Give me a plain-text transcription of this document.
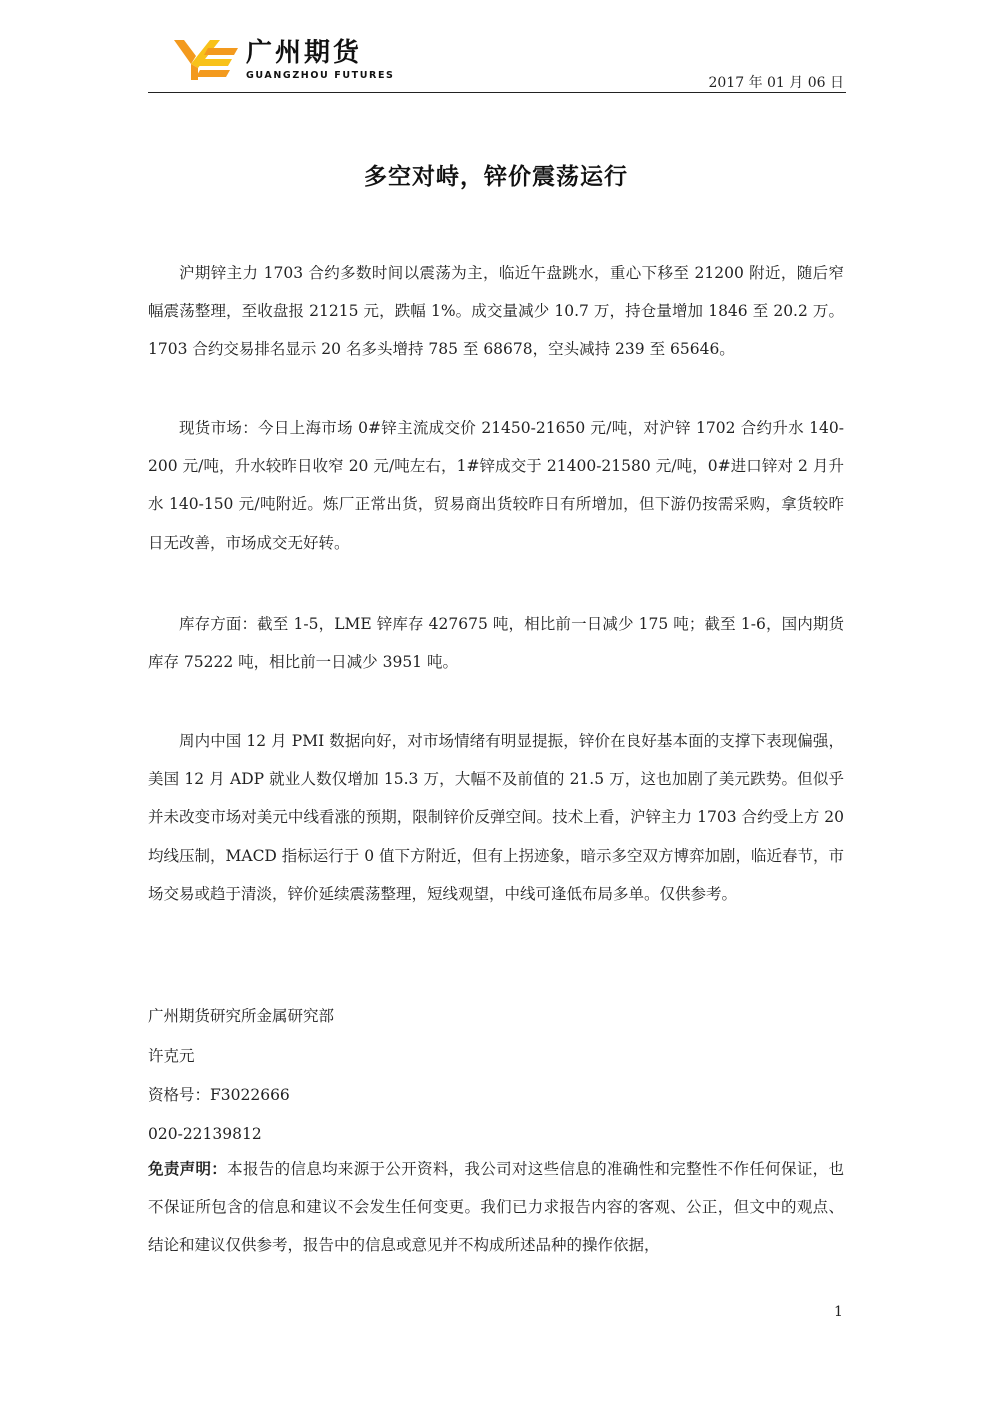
广州期货
GUANGZHOU FUTURES	2017 年 01 月 06 日
多空对峙，锌价震荡运行

沪期锌主力 1703 合约多数时间以震荡为主，临近午盘跳水，重心下移至 21200 附近，随后窄幅震荡整理，至收盘报 21215 元，跌幅 1%。成交量减少 10.7 万，持仓量增加 1846 至 20.2 万。1703 合约交易排名显示 20 名多头增持 785 至 68678，空头减持 239 至 65646。

现货市场：今日上海市场 0#锌主流成交价 21450-21650 元/吨，对沪锌 1702 合约升水 140-200 元/吨，升水较昨日收窄 20 元/吨左右，1#锌成交于 21400-21580 元/吨，0#进口锌对 2 月升水 140-150 元/吨附近。炼厂正常出货，贸易商出货较昨日有所增加，但下游仍按需采购，拿货较昨日无改善，市场成交无好转。

库存方面：截至 1-5，LME 锌库存 427675 吨，相比前一日减少 175 吨；截至 1-6，国内期货库存 75222 吨，相比前一日减少 3951 吨。

周内中国 12 月 PMI 数据向好，对市场情绪有明显提振，锌价在良好基本面的支撑下表现偏强，美国 12 月 ADP 就业人数仅增加 15.3 万，大幅不及前值的 21.5 万，这也加剧了美元跌势。但似乎并未改变市场对美元中线看涨的预期，限制锌价反弹空间。技术上看，沪锌主力 1703 合约受上方 20 均线压制，MACD 指标运行于 0 值下方附近，但有上拐迹象，暗示多空双方博弈加剧，临近春节，市场交易或趋于清淡，锌价延续震荡整理，短线观望，中线可逢低布局多单。仅供参考。

广州期货研究所金属研究部
许克元
资格号：F3022666
020-22139812

免责声明：本报告的信息均来源于公开资料，我公司对这些信息的准确性和完整性不作任何保证，也不保证所包含的信息和建议不会发生任何变更。我们已力求报告内容的客观、公正，但文中的观点、结论和建议仅供参考，报告中的信息或意见并不构成所述品种的操作依据，

1
